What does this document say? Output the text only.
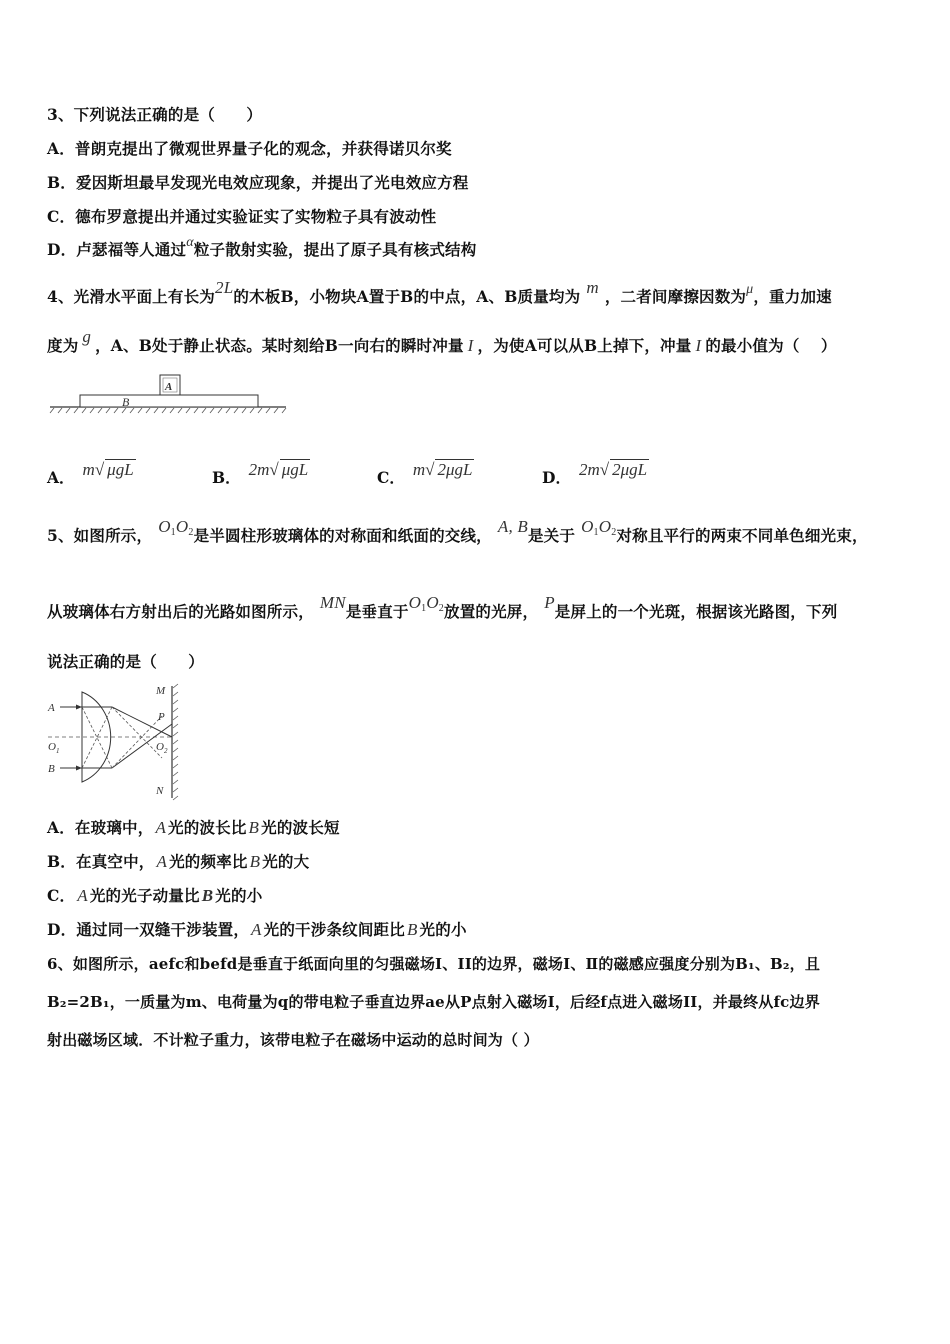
3、下列说法正确的是（　　）
A．普朗克提出了微观世界量子化的观念，并获得诺贝尔奖
B．爱因斯坦最早发现光电效应现象，并提出了光电效应方程
C．德布罗意提出并通过实验证实了实物粒子具有波动性
D．卢瑟福等人通过α粒子散射实验，提出了原子具有核式结构
4、光滑水平面上有长为2L的木板B，小物块A置于B的中点，A、B质量均为 m ，二者间摩擦因数为μ，重力加速
度为 g ，A、B处于静止状态。某时刻给B一向右的瞬时冲量 I ，为使A可以从B上掉下，冲量 I 的最小值为（　 ）
B
A
A． m√ μgL	B． 2m√ μgL	C． m√ 2μgL	D． 2m√ 2μgL
5、如图所示， O1O2是半圆柱形玻璃体的对称面和纸面的交线， A, B是关于 O1O2对称且平行的两束不同单色细光束，
从玻璃体右方射出后的光路如图所示， MN是垂直于O1O2放置的光屏， P是屏上的一个光斑，根据该光路图，下列
说法正确的是（　　）
A
B
O 1	O 2
M
N
P
A．在玻璃中， A 光的波长比 B 光的波长短
B．在真空中， A 光的频率比 B 光的大
C． A 光的光子动量比 B 光的小
D．通过同一双缝干涉装置， A 光的干涉条纹间距比 B 光的小
6、如图所示，aefc和befd是垂直于纸面向里的匀强磁场I、II的边界，磁场I、Ⅱ的磁感应强度分别为B₁、B₂，且
B₂=2B₁，一质量为m、电荷量为q的带电粒子垂直边界ae从P点射入磁场I，后经f点进入磁场II，并最终从fc边界
射出磁场区域．不计粒子重力，该带电粒子在磁场中运动的总时间为（ ）
